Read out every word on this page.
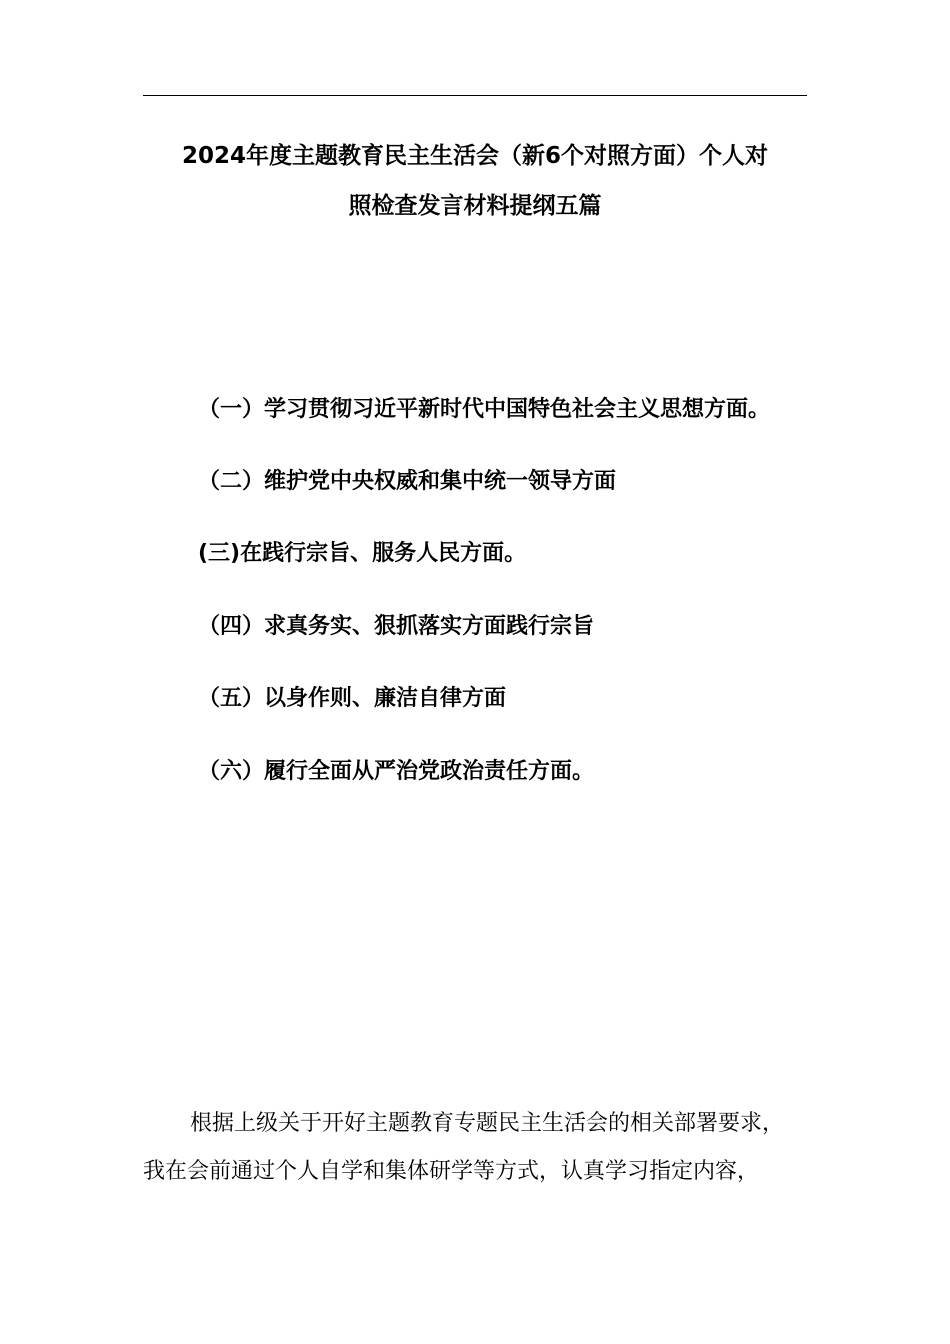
2024年度主题教育民主生活会（新6个对照方面）个人对
照检查发言材料提纲五篇
（一）学习贯彻习近平新时代中国特色社会主义思想方面。
（二）维护党中央权威和集中统一领导方面
(三)在践行宗旨、服务人民方面。
（四）求真务实、狠抓落实方面践行宗旨
（五）以身作则、廉洁自律方面
（六）履行全面从严治党政治责任方面。
根据上级关于开好主题教育专题民主生活会的相关部署要求，
我在会前通过个人自学和集体研学等方式，认真学习指定内容，
